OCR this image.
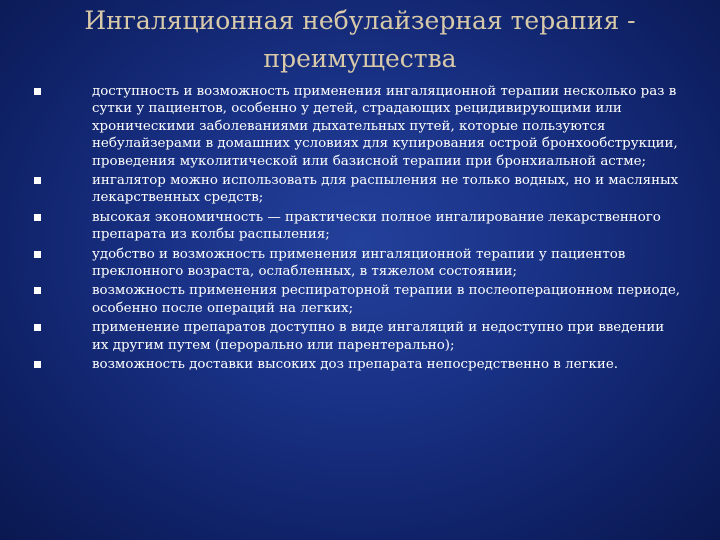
Ингаляционная небулайзерная терапия -
преимущества
доступность и возможность применения ингаляционной терапии несколько раз в сутки у пациентов, особенно у детей, страдающих рецидивирующими или хроническими заболеваниями дыхательных путей, которые пользуются небулайзерами в домашних условиях для купирования острой бронхообструкции, проведения муколитической или базисной терапии при бронхиальной астме;
ингалятор можно использовать для распыления не только водных, но и масляных лекарственных средств;
высокая экономичность — практически полное ингалирование лекарственного препарата из колбы распыления;
удобство и возможность применения ингаляционной терапии у пациентов преклонного возраста, ослабленных, в тяжелом состоянии;
возможность применения респираторной терапии в послеоперационном периоде, особенно после операций на легких;
применение препаратов доступно в виде ингаляций и недоступно при введении их другим путем (перорально или парентерально);
возможность доставки высоких доз препарата непосредственно в легкие.
